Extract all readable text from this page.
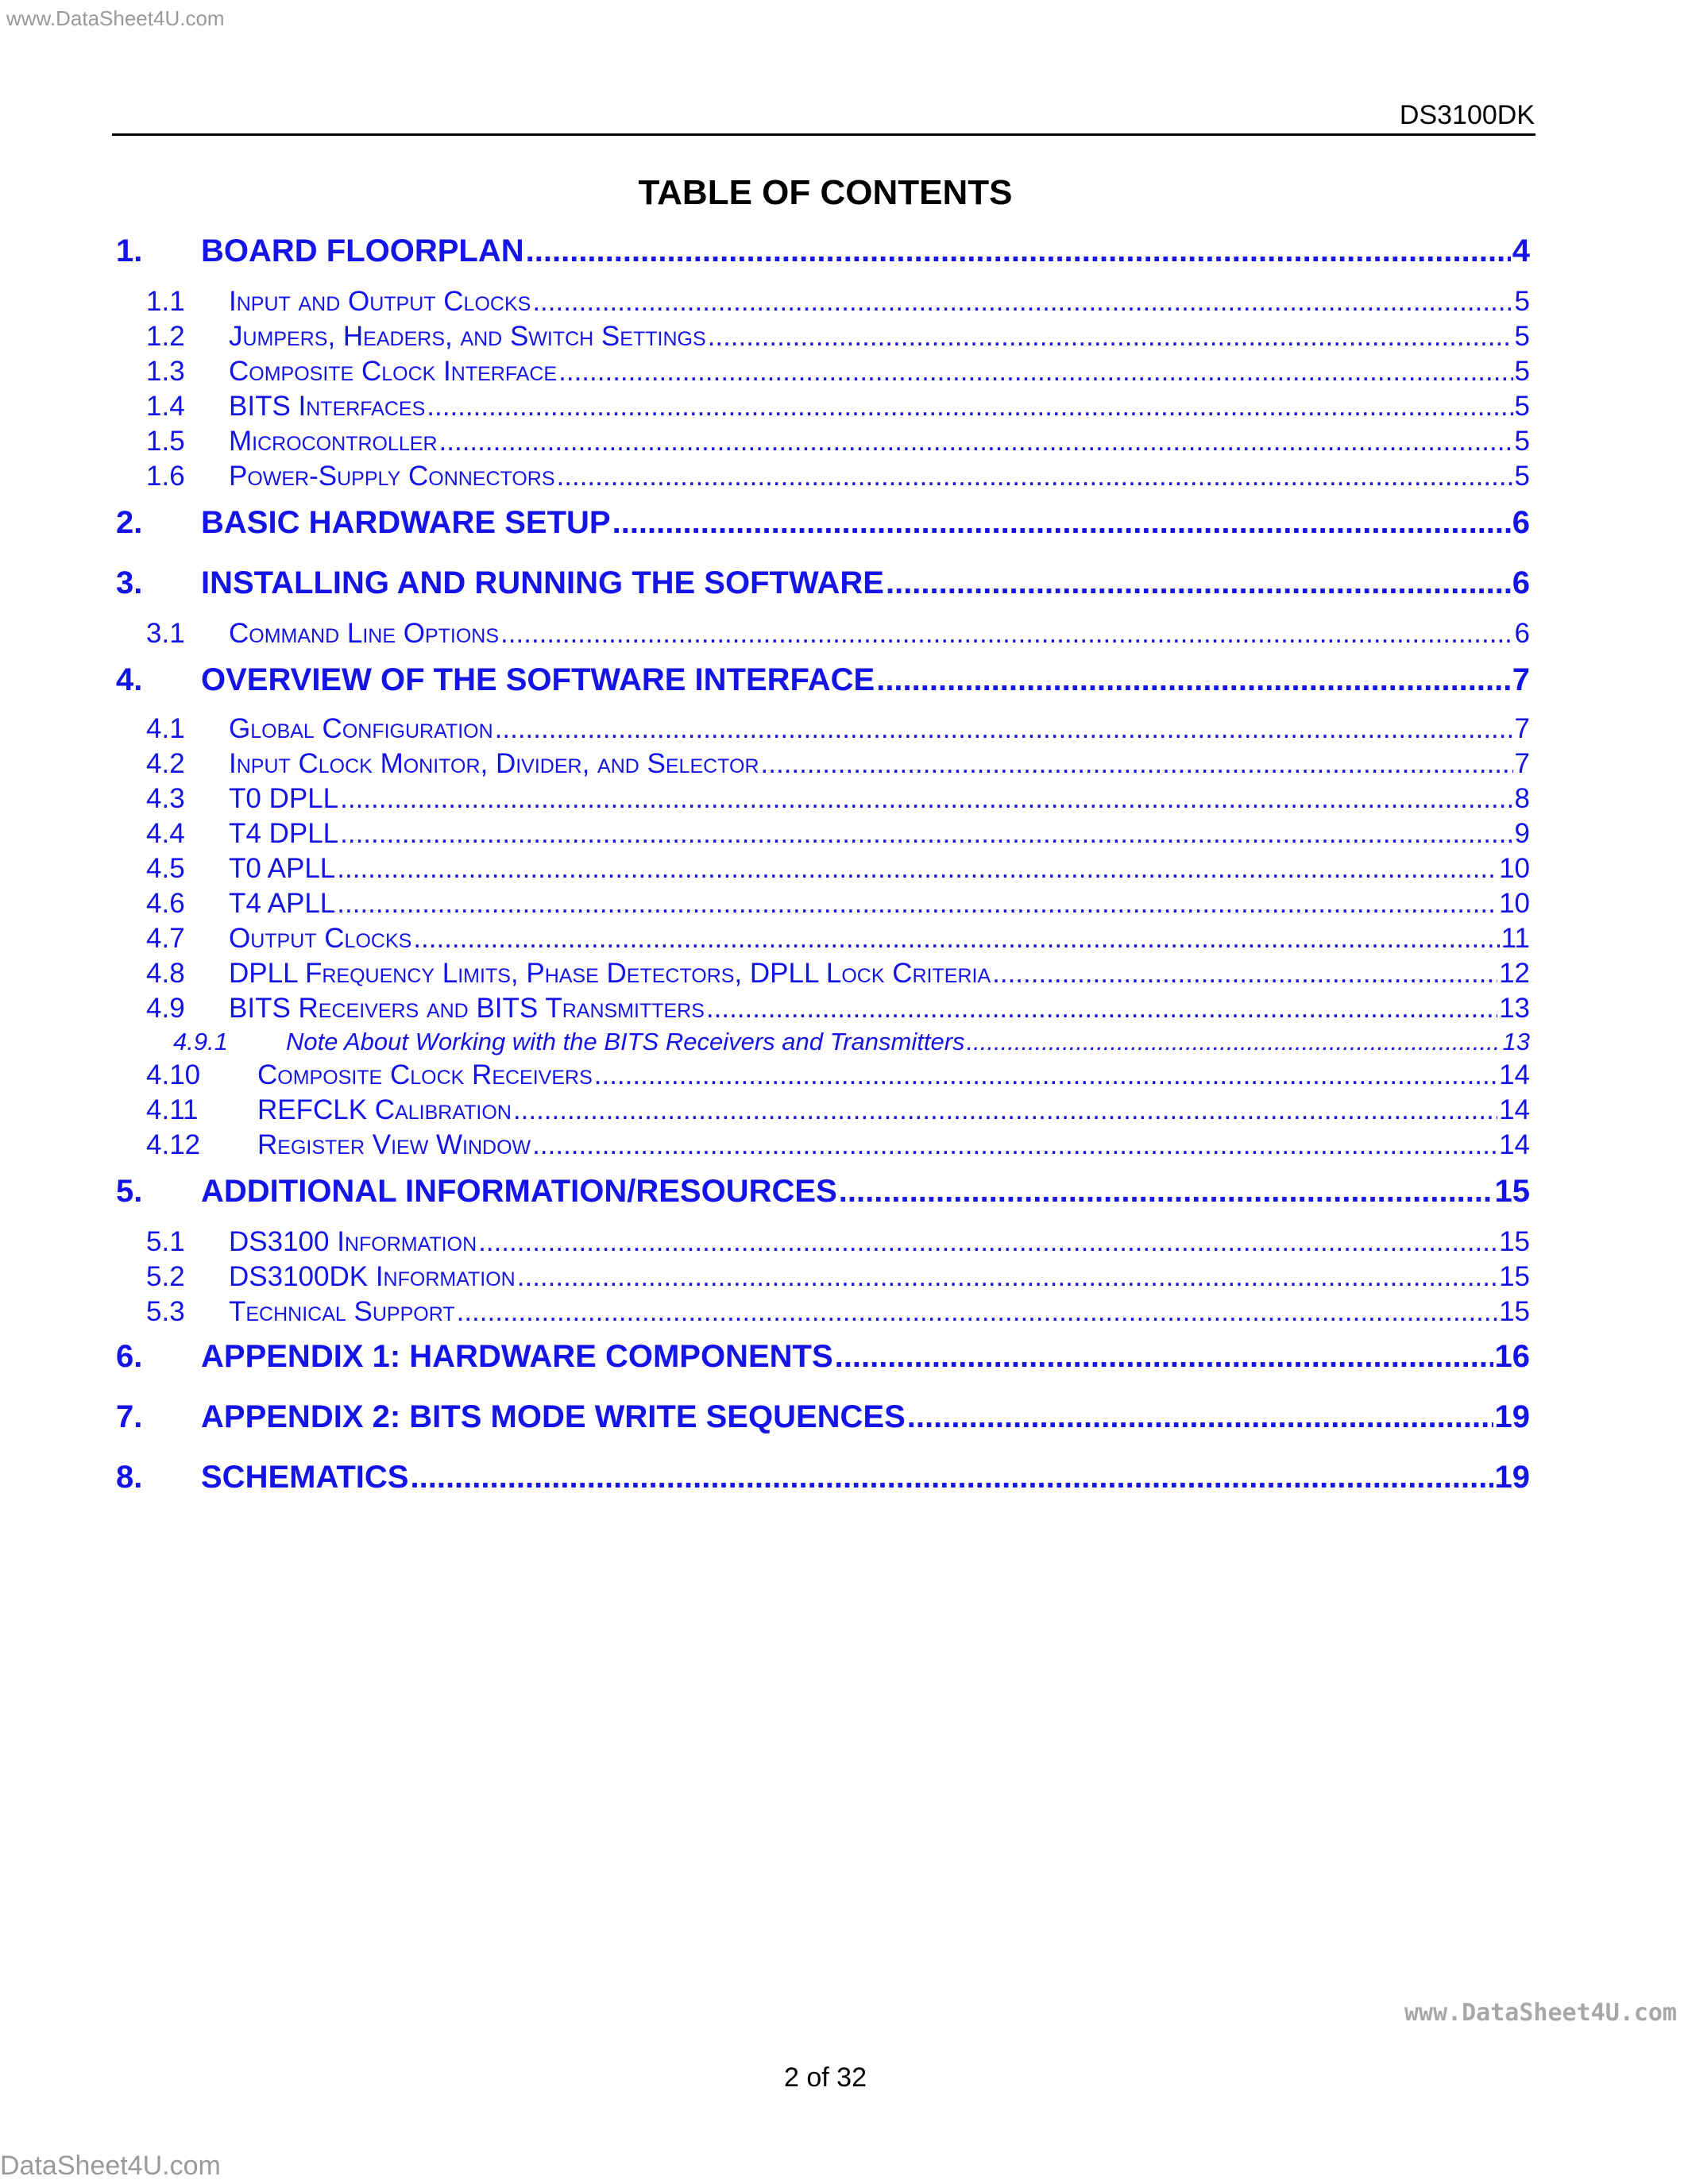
www.DataSheet4U.com
DS3100DK
TABLE OF CONTENTS
1.	BOARD FLOORPLAN .....	4
1.1	Input and Output Clocks .....	5
1.2	Jumpers, Headers, and Switch Settings .....	5
1.3	Composite Clock Interface .....	5
1.4	BITS Interfaces .....	5
1.5	Microcontroller .....	5
1.6	Power-Supply Connectors .....	5
2.	BASIC HARDWARE SETUP .....	6
3.	INSTALLING AND RUNNING THE SOFTWARE .....	6
3.1	Command Line Options .....	6
4.	OVERVIEW OF THE SOFTWARE INTERFACE .....	7
4.1	Global Configuration .....	7
4.2	Input Clock Monitor, Divider, and Selector .....	7
4.3	T0 DPLL .....	8
4.4	T4 DPLL .....	9
4.5	T0 APLL .....	10
4.6	T4 APLL .....	10
4.7	Output Clocks .....	11
4.8	DPLL Frequency Limits, Phase Detectors, DPLL Lock Criteria .....	12
4.9	BITS Receivers and BITS Transmitters .....	13
4.9.1	Note About Working with the BITS Receivers and Transmitters .....	13
4.10	Composite Clock Receivers .....	14
4.11	REFCLK Calibration .....	14
4.12	Register View Window .....	14
5.	ADDITIONAL INFORMATION/RESOURCES .....	15
5.1	DS3100 Information .....	15
5.2	DS3100DK Information .....	15
5.3	Technical Support .....	15
6.	APPENDIX 1: HARDWARE COMPONENTS .....	16
7.	APPENDIX 2: BITS MODE WRITE SEQUENCES .....	19
8.	SCHEMATICS .....	19
www.DataSheet4U.com
2 of 32
DataSheet4U.com
